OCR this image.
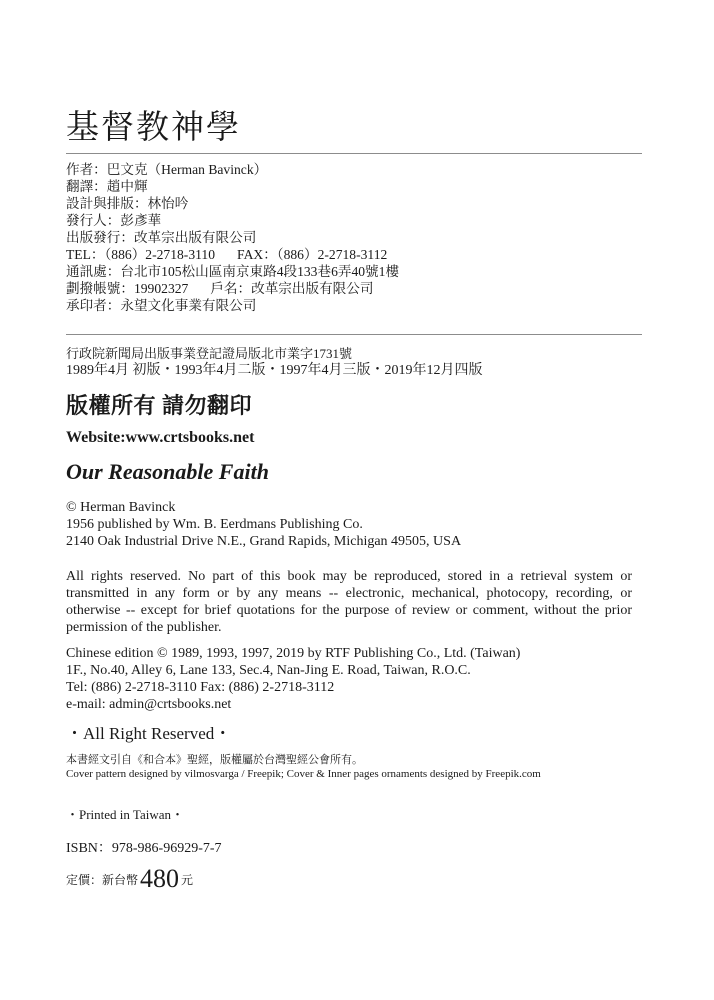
基督教神學
作者：巴文克（Herman Bavinck）
翻譯：趙中輝
設計與排版：林怡吟
發行人：彭彥華
出版發行：改革宗出版有限公司
TEL：（886）2-2718-3110 FAX：（886）2-2718-3112
通訊處：台北市105松山區南京東路4段133巷6弄40號1樓
劃撥帳號：19902327 戶名：改革宗出版有限公司
承印者：永望文化事業有限公司
行政院新聞局出版事業登記證局版北市業字1731號
1989年4月 初版・1993年4月二版・1997年4月三版・2019年12月四版
版權所有 請勿翻印
Website:www.crtsbooks.net
Our Reasonable Faith
© Herman Bavinck
1956 published by Wm. B. Eerdmans Publishing Co.
2140 Oak Industrial Drive N.E., Grand Rapids, Michigan 49505, USA
All rights reserved. No part of this book may be reproduced, stored in a retrieval system or transmitted in any form or by any means -- electronic, mechanical, photocopy, recording, or otherwise -- except for brief quotations for the purpose of review or comment, without the prior permission of the publisher.
Chinese edition © 1989, 1993, 1997, 2019 by RTF Publishing Co., Ltd. (Taiwan)
1F., No.40, Alley 6, Lane 133, Sec.4, Nan-Jing E. Road, Taiwan, R.O.C.
Tel: (886) 2-2718-3110 Fax: (886) 2-2718-3112
e-mail: admin@crtsbooks.net
・All Right Reserved・
本書經文引自《和合本》聖經，版權屬於台灣聖經公會所有。
Cover pattern designed by vilmosvarga / Freepik; Cover & Inner pages ornaments designed by Freepik.com
・Printed in Taiwan・
ISBN：978-986-96929-7-7
定價：新台幣480 元
